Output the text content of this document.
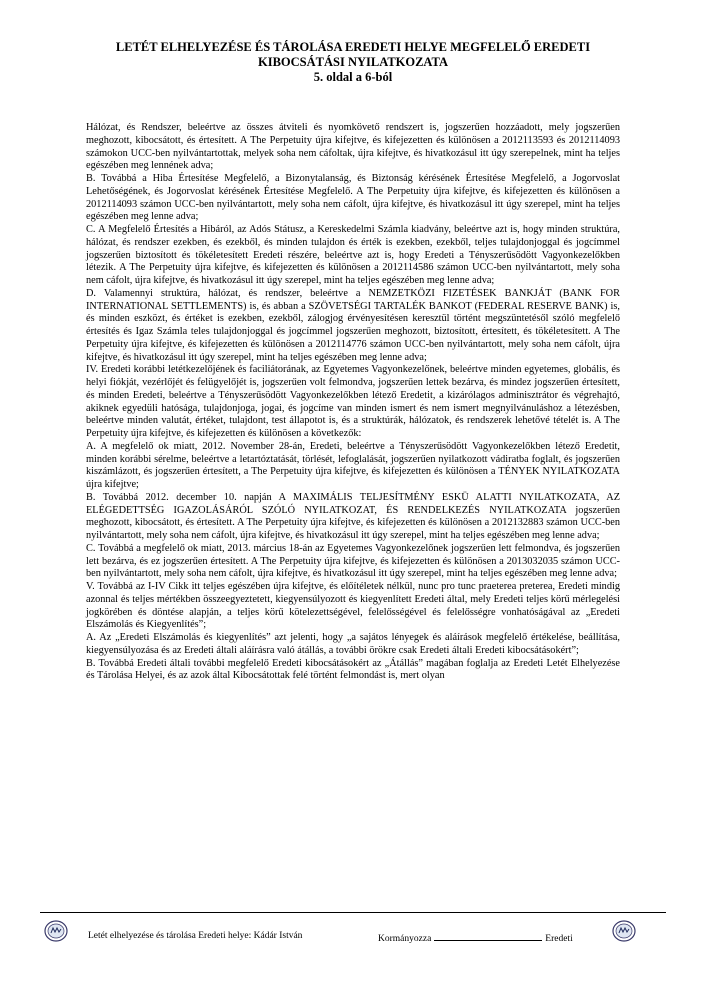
LETÉT ELHELYEZÉSE ÉS TÁROLÁSA EREDETI HELYE MEGFELELŐ EREDETI
KIBOCSÁTÁSI NYILATKOZATA
5. oldal a 6-ból

Hálózat, és Rendszer, beleértve az összes átviteli és nyomkövető rendszert is, jogszerűen hozzáadott, mely jogszerűen meghozott, kibocsátott, és értesített. A The Perpetuity újra kifejtve, és kifejezetten és különösen a 2012113593 és 2012114093 számokon UCC-ben nyilvántartottak, melyek soha nem cáfoltak, újra kifejtve, és hivatkozásul itt úgy szerepelnek, mint ha teljes egészében meg lennének adva;

B. Továbbá a Hiba Értesítése Megfelelő, a Bizonytalanság, és Biztonság kérésének Értesítése Megfelelő, a Jogorvoslat Lehetőségének, és Jogorvoslat kérésének Értesítése Megfelelő. A The Perpetuity újra kifejtve, és kifejezetten és különösen a 2012114093 számon UCC-ben nyilvántartott, mely soha nem cáfolt, újra kifejtve, és hivatkozásul itt úgy szerepel, mint ha teljes egészében meg lenne adva;

C. A Megfelelő Értesítés a Hibáról, az Adós Státusz, a Kereskedelmi Számla kiadvány, beleértve azt is, hogy minden struktúra, hálózat, és rendszer ezekben, és ezekből, és minden tulajdon és érték is ezekben, ezekből, teljes tulajdonjoggal és jogcímmel jogszerűen biztosított és tökéletesített Eredeti részére, beleértve azt is, hogy Eredeti a Tényszerűsödött Vagyonkezelőkben létezik. A The Perpetuity újra kifejtve, és kifejezetten és különösen a 2012114586 számon UCC-ben nyilvántartott, mely soha nem cáfolt, újra kifejtve, és hivatkozásul itt úgy szerepel, mint ha teljes egészében meg lenne adva;

D. Valamennyi struktúra, hálózat, és rendszer, beleértve a NEMZETKÖZI FIZETÉSEK BANKJÁT (BANK FOR INTERNATIONAL SETTLEMENTS) is, és abban a SZÖVETSÉGI TARTALÉK BANKOT (FEDERAL RESERVE BANK) is, és minden eszközt, és értéket is ezekben, ezekből, zálogjog érvényesítésen keresztül történt megszüntetésől szóló megfelelő értesítés és Igaz Számla teles tulajdonjoggal és jogcímmel jogszerűen meghozott, biztosított, értesített, és tökéletesített. A The Perpetuity újra kifejtve, és kifejezetten és különösen a 2012114776 számon UCC-ben nyilvántartott, mely soha nem cáfolt, újra kifejtve, és hivatkozásul itt úgy szerepel, mint ha teljes egészében meg lenne adva;

IV. Eredeti korábbi letétkezelőjének és faciliátorának, az Egyetemes Vagyonkezelőnek, beleértve minden egyetemes, globális, és helyi fiókját, vezérlőjét és felügyelőjét is, jogszerűen volt felmondva, jogszerűen lettek bezárva, és mindez jogszerűen értesített, és minden Eredeti, beleértve a Tényszerűsödött Vagyonkezelőkben létező Eredetit, a kizárólagos adminisztrátor és végrehajtó, akiknek egyedüli hatósága, tulajdonjoga, jogai, és jogcíme van minden ismert és nem ismert megnyilvánuláshoz a létezésben, beleértve minden valutát, értéket, tulajdont, test állapotot is, és a struktúrák, hálózatok, és rendszerek lehetővé tételét is. A The Perpetuity újra kifejtve, és kifejezetten és különösen a következők:

A. A megfelelő ok miatt, 2012. November 28-án, Eredeti, beleértve a Tényszerűsödött Vagyonkezelőkben létező Eredetit, minden korábbi sérelme, beleértve a letartóztatását, törlését, lefoglalását, jogszerűen nyilatkozott vádiratba foglalt, és jogszerűen kiszámlázott, és jogszerűen értesített, a The Perpetuity újra kifejtve, és kifejezetten és különösen a TÉNYEK NYILATKOZATA újra kifejtve;

B. Továbbá 2012. december 10. napján A MAXIMÁLIS TELJESÍTMÉNY ESKÜ ALATTI NYILATKOZATA, AZ ELÉGEDETTSÉG IGAZOLÁSÁRÓL SZÓLÓ NYILATKOZAT, ÉS RENDELKEZÉS NYILATKOZATA jogszerűen meghozott, kibocsátott, és értesített. A The Perpetuity újra kifejtve, és kifejezetten és különösen a 2012132883 számon UCC-ben nyilvántartott, mely soha nem cáfolt, újra kifejtve, és hivatkozásul itt úgy szerepel, mint ha teljes egészében meg lenne adva;

C. Továbbá a megfelelő ok miatt, 2013. március 18-án az Egyetemes Vagyonkezelőnek jogszerűen lett felmondva, és jogszerűen lett bezárva, és ez jogszerűen értesített. A The Perpetuity újra kifejtve, és kifejezetten és különösen a 2013032035 számon UCC-ben nyilvántartott, mely soha nem cáfolt, újra kifejtve, és hivatkozásul itt úgy szerepel, mint ha teljes egészében meg lenne adva;

V. Továbbá az I-IV Cikk itt teljes egészében újra kifejtve, és előítéletek nélkül, nunc pro tunc praeterea preterea, Eredeti mindig azonnal és teljes mértékben összeegyeztetett, kiegyensúlyozott és kiegyenlített Eredeti által, mely Eredeti teljes körű mérlegelési jogkörében és döntése alapján, a teljes körű kötelezettségével, felelősségével és felelősségre vonhatóságával az „Eredeti Elszámolás és Kiegyenlítés”;

A. Az „Eredeti Elszámolás és kiegyenlítés” azt jelenti, hogy „a sajátos lényegek és aláírások megfelelő értékelése, beállítása, kiegyensúlyozása és az Eredeti általi aláírásra való átállás, a további örökre csak Eredeti általi Eredeti kibocsátásokért”;

B. Továbbá Eredeti általi további megfelelő Eredeti kibocsátásokért az „Átállás” magában foglalja az Eredeti Letét Elhelyezése és Tárolása Helyei, és az azok által Kibocsátottak felé történt felmondást is, mert olyan

Letét elhelyezése és tárolása Eredeti helye: Kádár István	Kormányozza	Eredeti
